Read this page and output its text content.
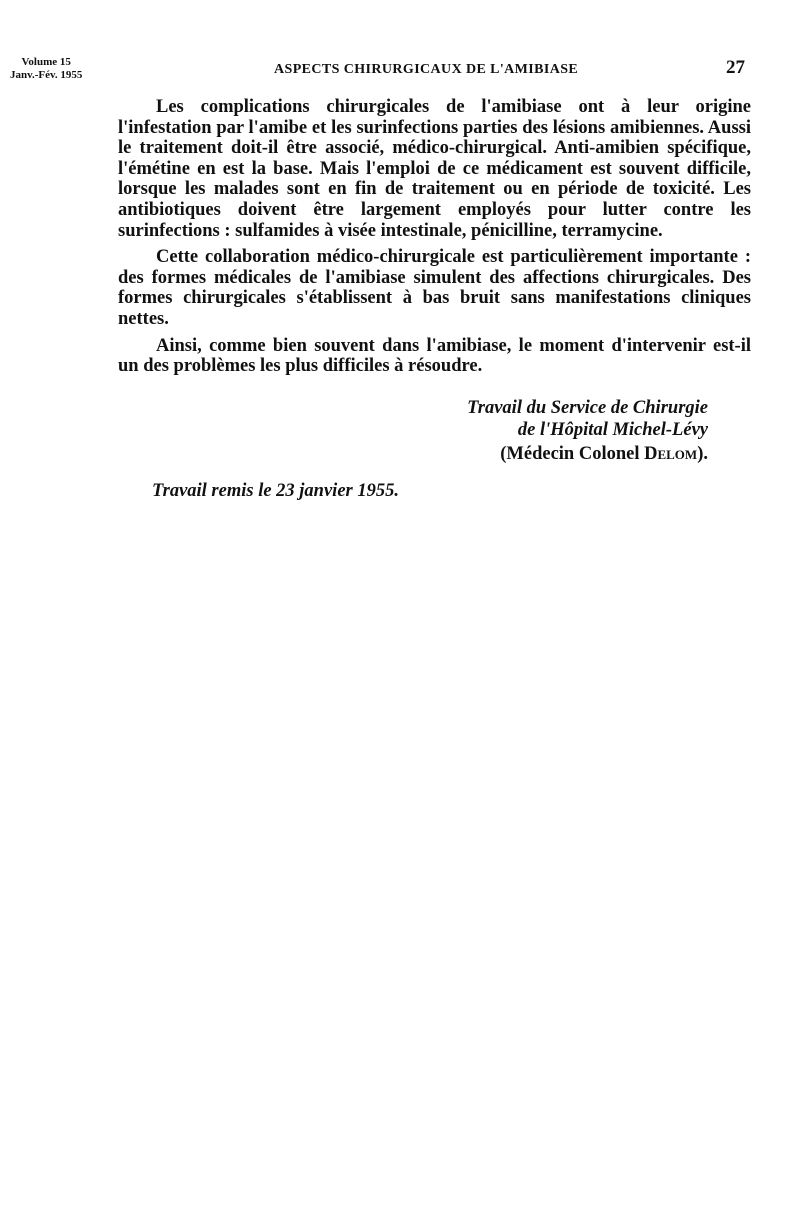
Volume 15
Janv.-Fév. 1955	ASPECTS CHIRURGICAUX DE L'AMIBIASE	27

Les complications chirurgicales de l'amibiase ont à leur origine l'infestation par l'amibe et les surinfections parties des lésions amibiennes. Aussi le traitement doit-il être associé, médico-chirurgical. Anti-amibien spécifique, l'émétine en est la base. Mais l'emploi de ce médicament est souvent difficile, lorsque les malades sont en fin de traitement ou en période de toxicité. Les antibiotiques doivent être largement employés pour lutter contre les surinfections : sulfamides à visée intestinale, pénicilline, terramycine.

Cette collaboration médico-chirurgicale est particulièrement importante : des formes médicales de l'amibiase simulent des affections chirurgicales. Des formes chirurgicales s'établissent à bas bruit sans manifestations cliniques nettes.

Ainsi, comme bien souvent dans l'amibiase, le moment d'intervenir est-il un des problèmes les plus difficiles à résoudre.

Travail du Service de Chirurgie
de l'Hôpital Michel-Lévy
(Médecin Colonel Delom).
Travail remis le 23 janvier 1955.
